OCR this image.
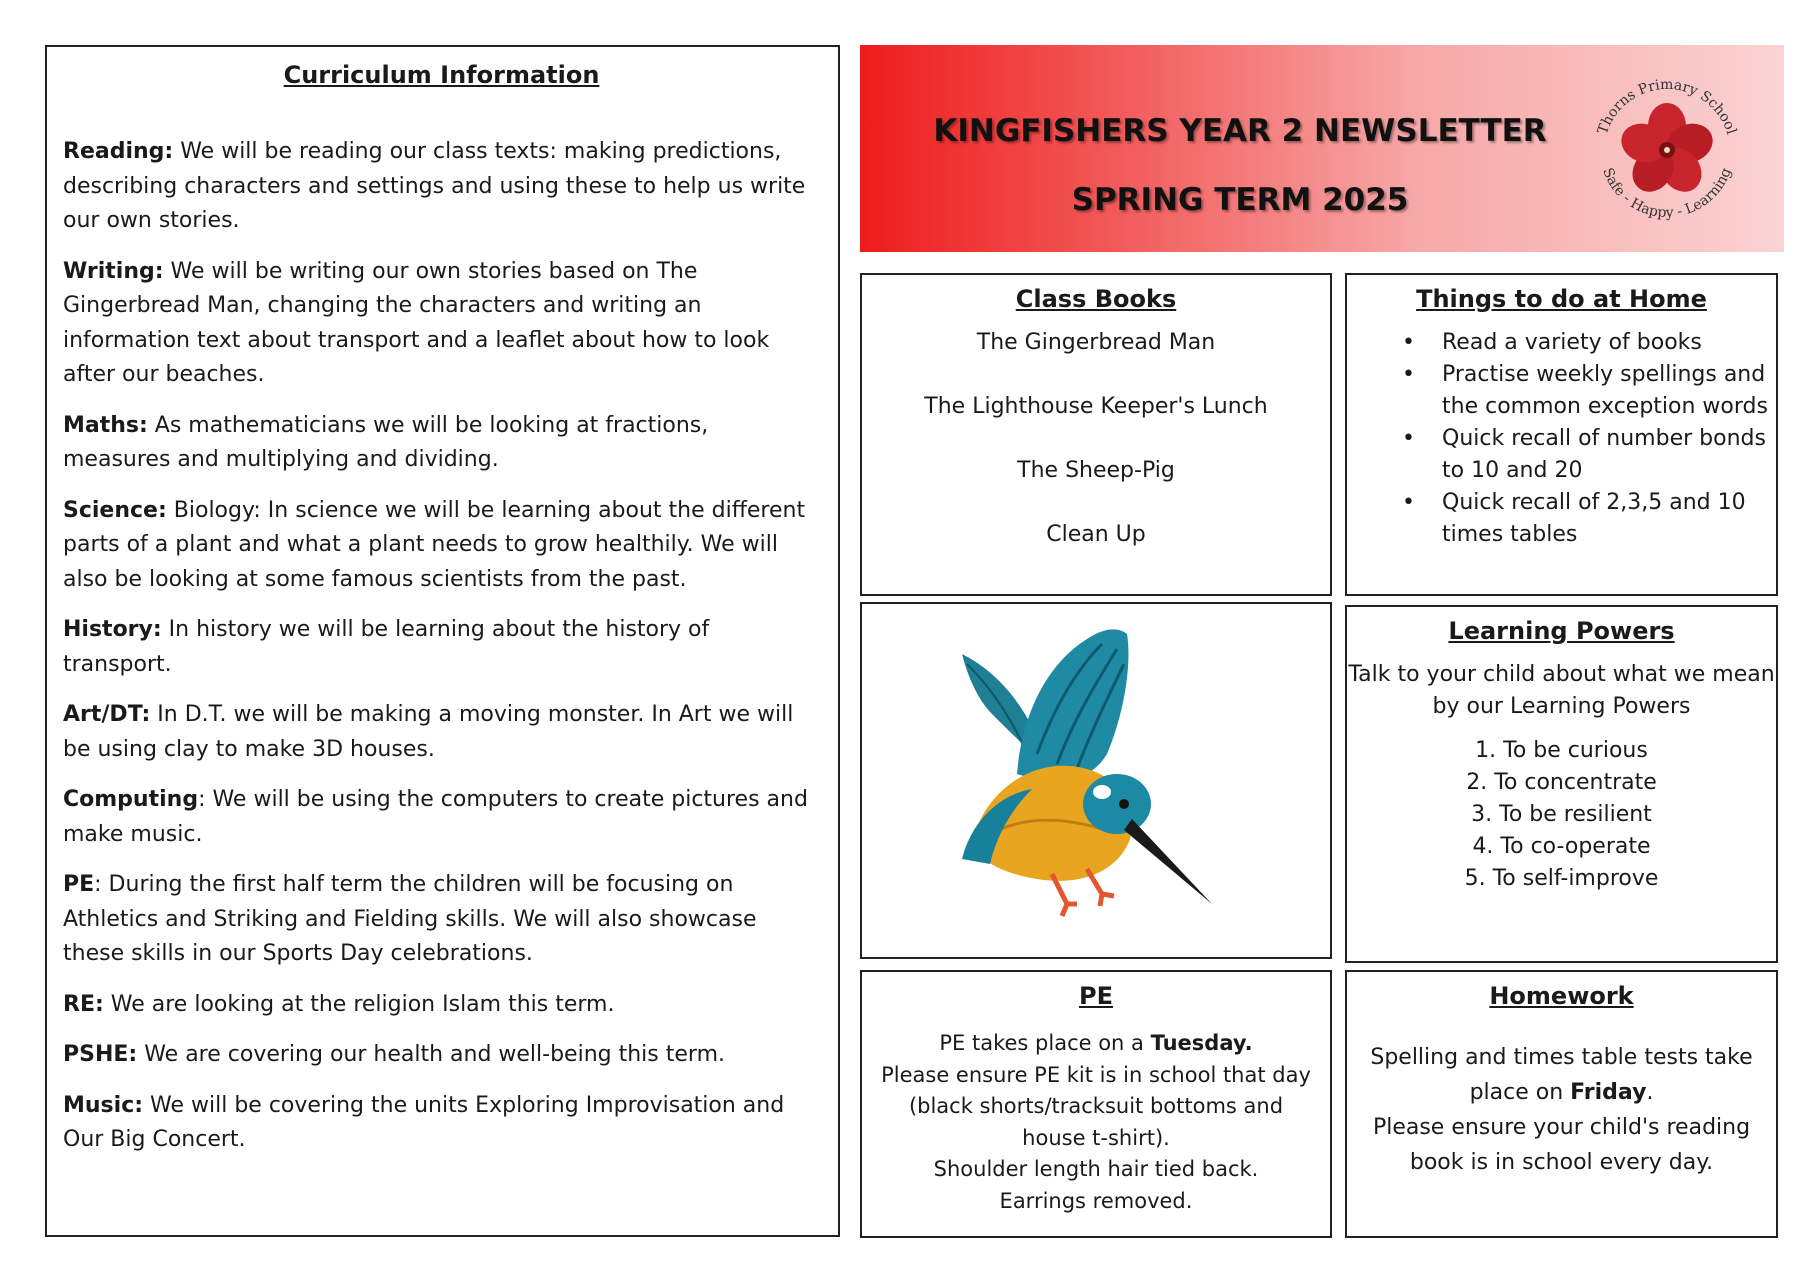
Curriculum Information

Reading: We will be reading our class texts: making predictions, describing characters and settings and using these to help us write our own stories.

Writing: We will be writing our own stories based on The Gingerbread Man, changing the characters and writing an information text about transport and a leaflet about how to look after our beaches.

Maths: As mathematicians we will be looking at fractions, measures and multiplying and dividing.

Science: Biology: In science we will be learning about the different parts of a plant and what a plant needs to grow healthily. We will also be looking at some famous scientists from the past.

History: In history we will be learning about the history of transport.

Art/DT: In D.T. we will be making a moving monster. In Art we will be using clay to make 3D houses.

Computing: We will be using the computers to create pictures and make music.

PE: During the first half term the children will be focusing on Athletics and Striking and Fielding skills. We will also showcase these skills in our Sports Day celebrations.

RE: We are looking at the religion Islam this term.

PSHE: We are covering our health and well-being this term.

Music: We will be covering the units Exploring Improvisation and Our Big Concert.

KINGFISHERS YEAR 2 NEWSLETTER
SPRING TERM 2025
Thorns Primary School
Safe - Happy - Learning

Class Books

The Gingerbread Man

The Lighthouse Keeper's Lunch

The Sheep-Pig

Clean Up

Things to do at Home

• Read a variety of books
• Practise weekly spellings and the common exception words
• Quick recall of number bonds to 10 and 20
• Quick recall of 2,3,5 and 10 times tables

Learning Powers

Talk to your child about what we mean by our Learning Powers

1. To be curious
2. To concentrate
3. To be resilient
4. To co-operate
5. To self-improve

PE

PE takes place on a Tuesday.
Please ensure PE kit is in school that day (black shorts/tracksuit bottoms and house t-shirt).
Shoulder length hair tied back.
Earrings removed.

Homework

Spelling and times table tests take place on Friday.
Please ensure your child's reading book is in school every day.
